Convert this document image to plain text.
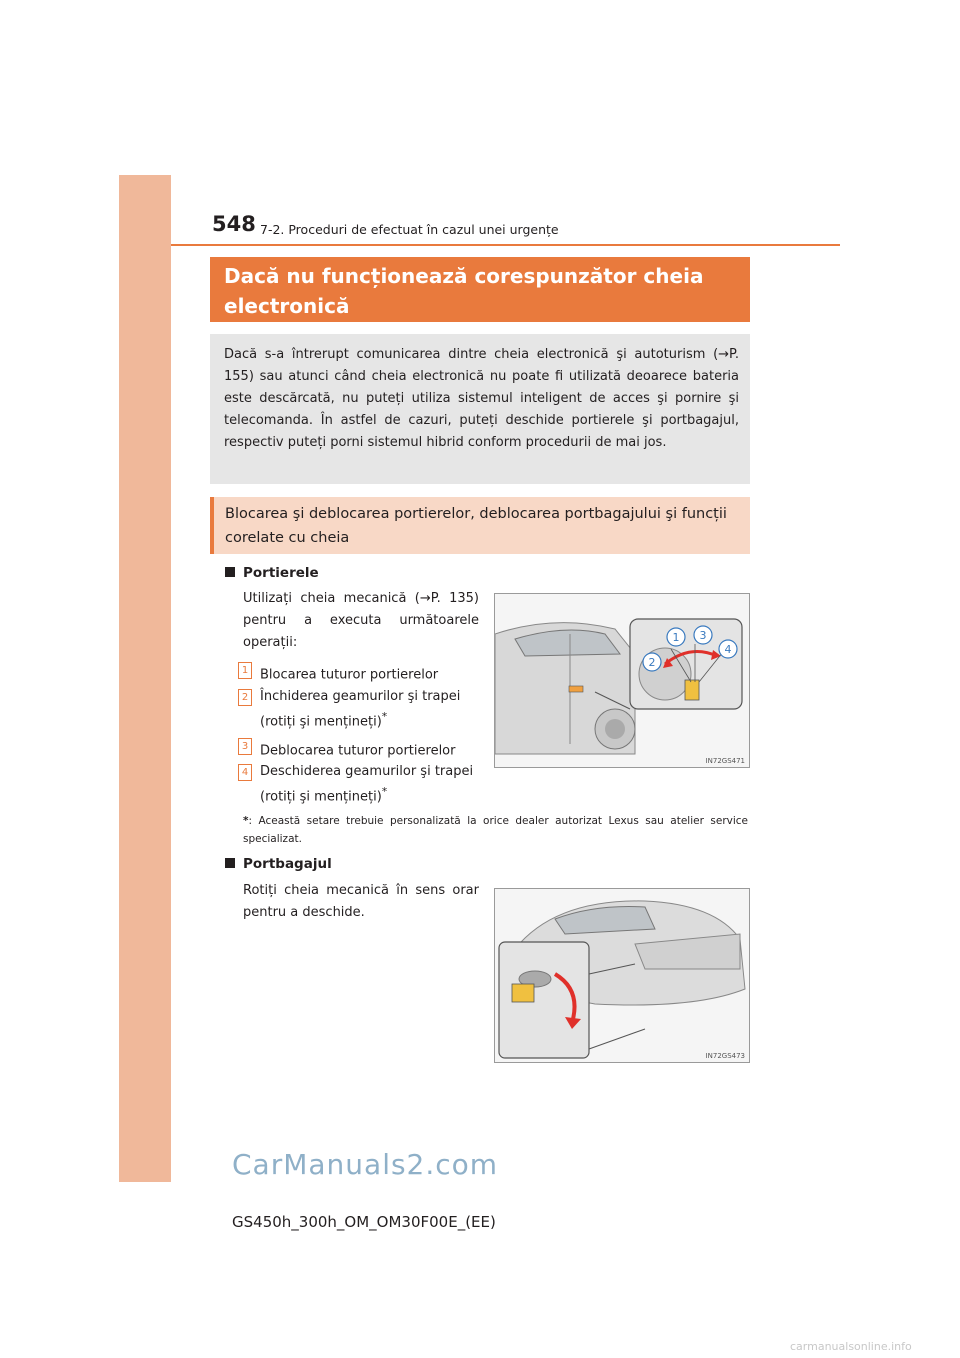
548 7-2. Proceduri de efectuat în cazul unei urgențe
Dacă nu funcționează corespunzător cheia electronică
Dacă s-a întrerupt comunicarea dintre cheia electronică şi autoturism (→P. 155) sau atunci când cheia electronică nu poate fi utilizată deoarece bateria este descărcată, nu puteți utiliza sistemul inteligent de acces şi pornire şi telecomanda. În astfel de cazuri, puteți deschide portierele şi portbagajul, respectiv puteți porni sistemul hibrid conform procedurii de mai jos.
Blocarea şi deblocarea portierelor, deblocarea portbagajului şi funcții corelate cu cheia
Portierele
Utilizați cheia mecanică (→P. 135) pentru a executa următoarele operații:
1 Blocarea tuturor portierelor
2 Închiderea geamurilor şi trapei (rotiți şi mențineți)*
3 Deblocarea tuturor portierelor
4 Deschiderea geamurilor şi trapei (rotiți şi mențineți)*
1
2
3
4
IN72GS471
*: Această setare trebuie personalizată la orice dealer autorizat Lexus sau atelier service specializat.
Portbagajul
Rotiți cheia mecanică în sens orar pentru a deschide.
IN72GS473
CarManuals2.com
GS450h_300h_OM_OM30F00E_(EE)
carmanualsonline.info
